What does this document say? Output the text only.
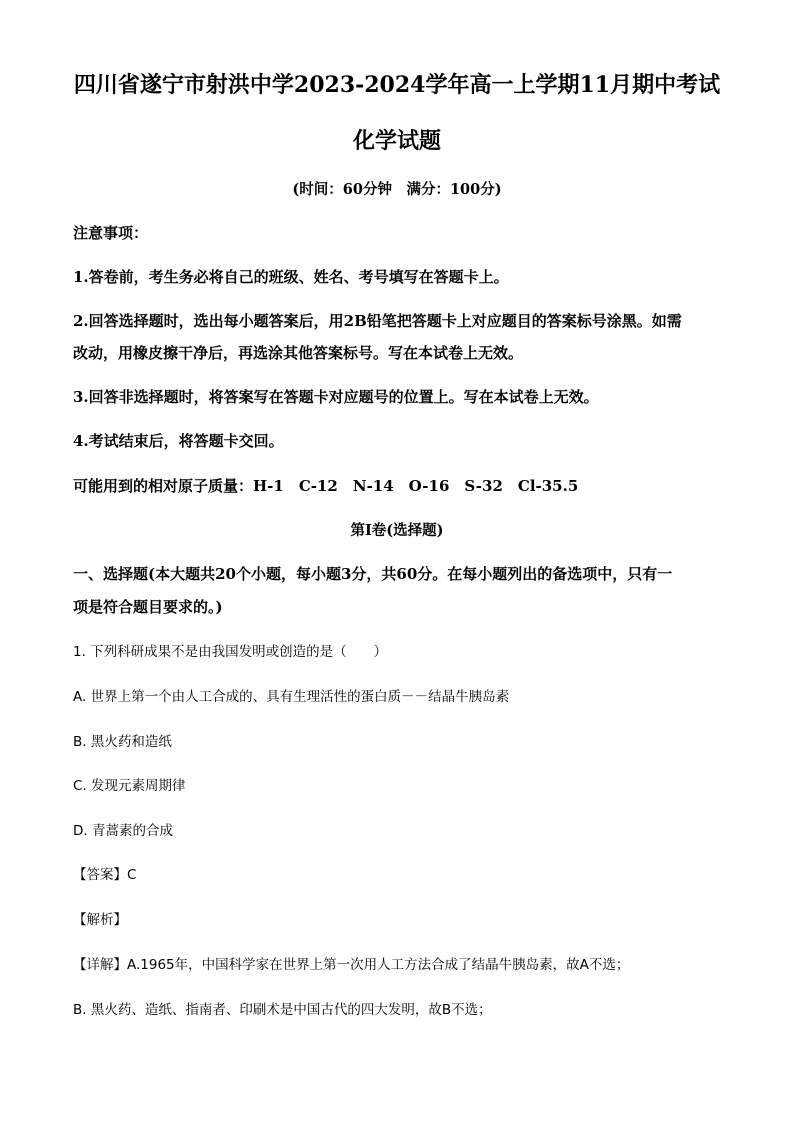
四川省遂宁市射洪中学2023-2024学年高一上学期11月期中考试
化学试题
(时间：60分钟　满分：100分)
注意事项：
1.答卷前，考生务必将自己的班级、姓名、考号填写在答题卡上。
2.回答选择题时，选出每小题答案后，用2B铅笔把答题卡上对应题目的答案标号涂黑。如需
改动，用橡皮擦干净后，再选涂其他答案标号。写在本试卷上无效。
3.回答非选择题时，将答案写在答题卡对应题号的位置上。写在本试卷上无效。
4.考试结束后，将答题卡交回。
可能用到的相对原子质量：H-1　C-12　N-14　O-16　S-32　Cl-35.5
第Ⅰ卷(选择题)
一、选择题(本大题共20个小题，每小题3分，共60分。在每小题列出的备选项中，只有一
项是符合题目要求的。)
1. 下列科研成果不是由我国发明或创造的是（　　）
A. 世界上第一个由人工合成的、具有生理活性的蛋白质－－结晶牛胰岛素
B. 黑火药和造纸
C. 发现元素周期律
D. 青蒿素的合成
【答案】C
【解析】
【详解】A.1965年，中国科学家在世界上第一次用人工方法合成了结晶牛胰岛素，故A不选；
B. 黑火药、造纸、指南者、印刷术是中国古代的四大发明，故B不选；
